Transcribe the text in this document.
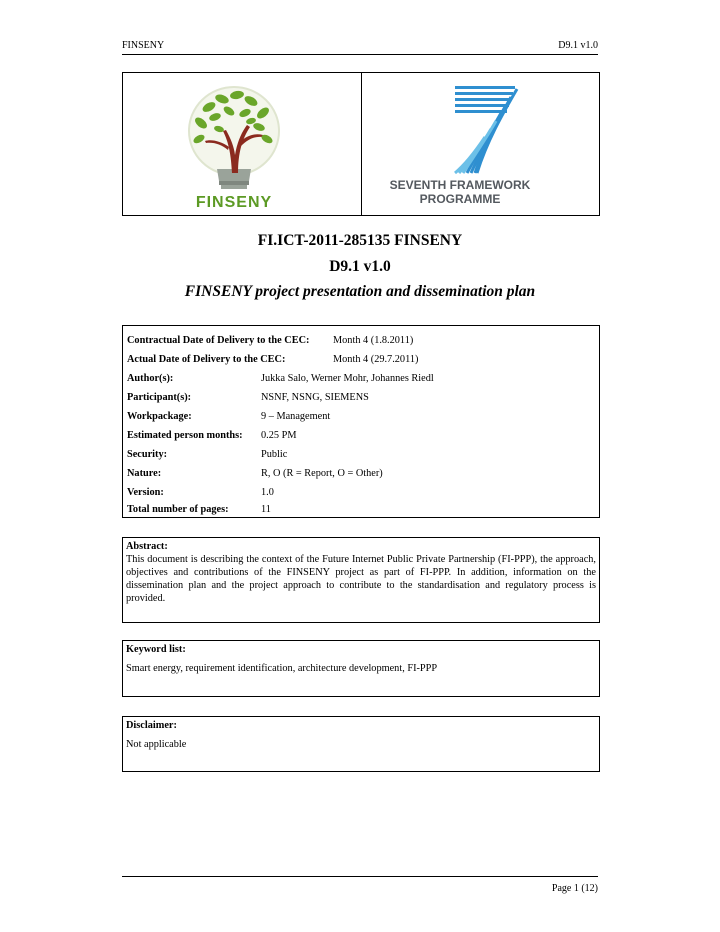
FINSENY	D9.1 v1.0
FINSENY
SEVENTH FRAMEWORK
PROGRAMME
FI.ICT-2011-285135 FINSENY
D9.1 v1.0
FINSENY project presentation and dissemination plan
Contractual Date of Delivery to the CEC: Month 4 (1.8.2011)
Actual Date of Delivery to the CEC:	Month 4 (29.7.2011)
Author(s):	Jukka Salo, Werner Mohr, Johannes Riedl
Participant(s):	NSNF, NSNG, SIEMENS
Workpackage:	9 – Management
Estimated person months: 0.25 PM
Security:	Public
Nature:	R, O (R = Report, O = Other)
Version:	1.0
Total number of pages:	11
Abstract:
This document is describing the context of the Future Internet Public Private Partnership (FI-PPP), the approach, objectives and contributions of the FINSENY project as part of FI-PPP. In addition, information on the dissemination plan and the project approach to contribute to the standardisation and regulatory process is provided.
Keyword list:
Smart energy, requirement identification, architecture development, FI-PPP
Disclaimer:
Not applicable
Page 1 (12)
